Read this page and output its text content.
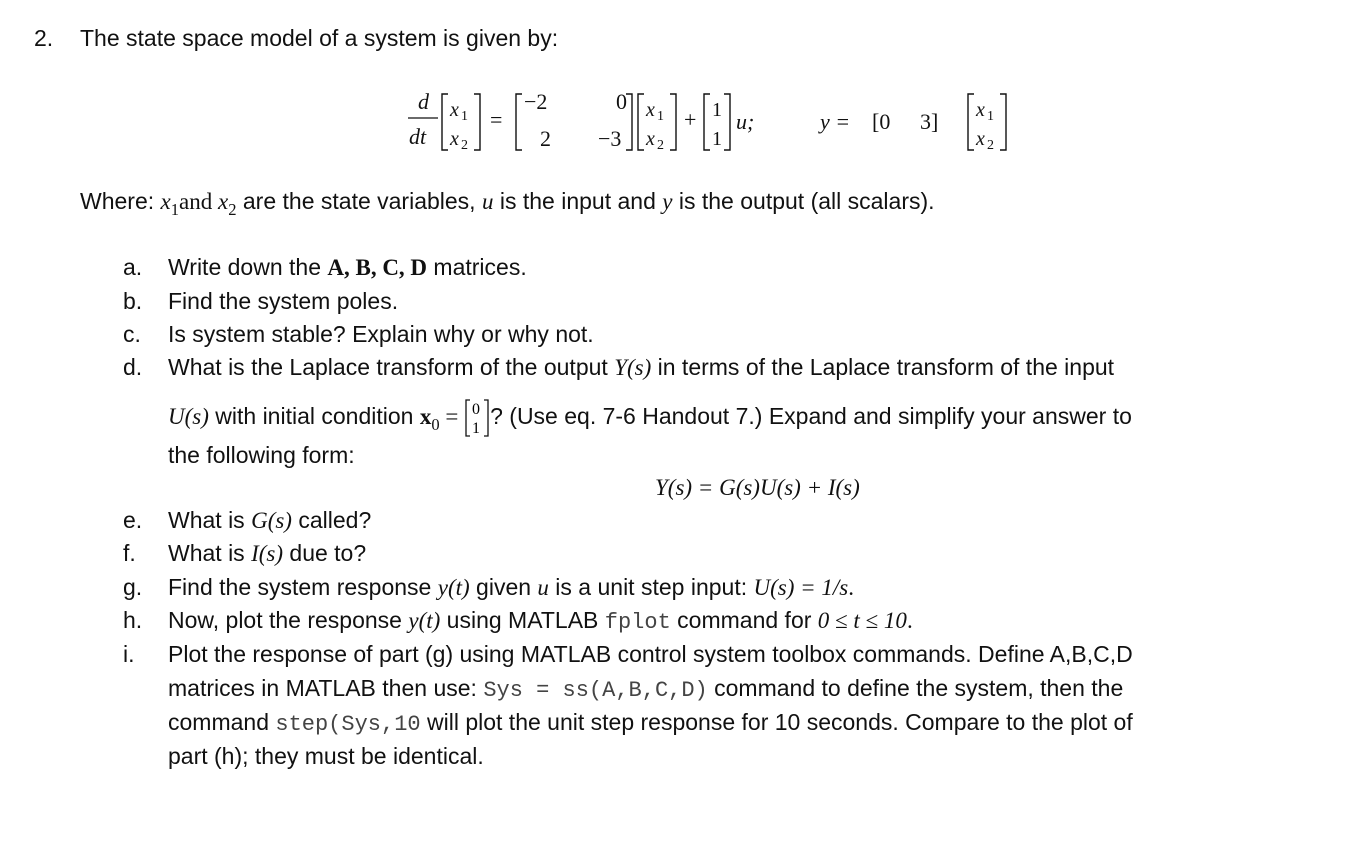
2. The state space model of a system is given by:
d
dt
x 1
x 2
=
−2	0
2 −3
x 1
x 2
+ 1
1
u;	y = [0 3] x 1
x 2
Where: $x_1and$ $x_2$ are the state variables, u is the input and y is the output (all scalars).
a. Write down the A, B, C, D matrices.
b. Find the system poles.
c. Is system stable? Explain why or why not.
d. What is the Laplace transform of the output Y(s) in terms of the Laplace transform of the input
U(s) with initial condition $x_0 = 0$
1 ? (Use eq. 7-6 Handout 7.) Expand and simplify your answer to
the following form:
Y(s) = G(s)U(s) + I(s)
e. What is G(s) called?
f. What is I(s) due to?
g. Find the system response y(t) given u is a unit step input: U(s) = 1/s.
h. Now, plot the response y(t) using MATLAB fplot command for 0 ≤ t ≤ 10.
i. Plot the response of part (g) using MATLAB control system toolbox commands. Define A,B,C,D
matrices in MATLAB then use: Sys = ss(A,B,C,D) command to define the system, then the
command step(Sys,10 will plot the unit step response for 10 seconds. Compare to the plot of
part (h); they must be identical.
